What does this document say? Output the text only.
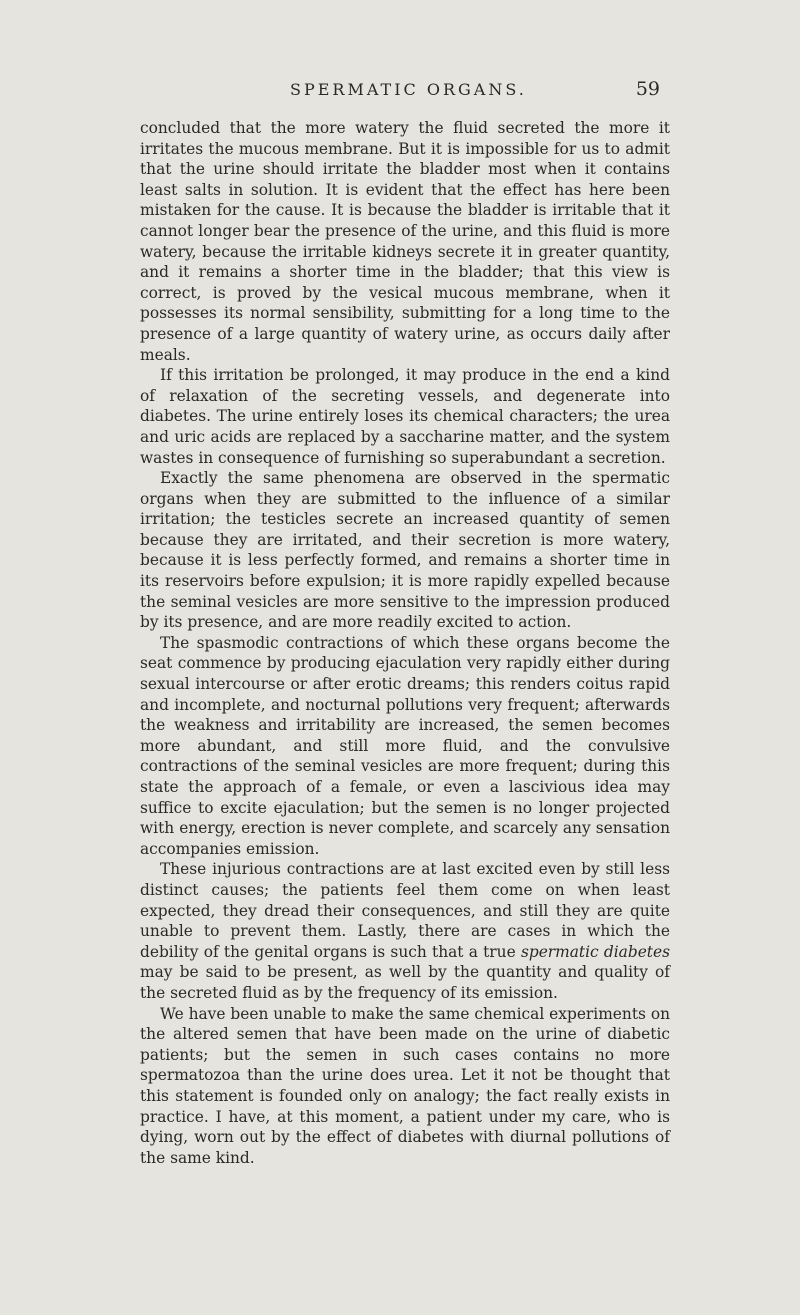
SPERMATIC ORGANS.	59

concluded that the more watery the fluid secreted the more it irritates the mucous membrane. But it is impossible for us to admit that the urine should irritate the bladder most when it contains least salts in solution. It is evident that the effect has here been mistaken for the cause. It is because the bladder is irritable that it cannot longer bear the presence of the urine, and this fluid is more watery, because the irritable kidneys secrete it in greater quantity, and it remains a shorter time in the bladder; that this view is correct, is proved by the vesical mucous membrane, when it possesses its normal sensibility, submitting for a long time to the presence of a large quantity of watery urine, as occurs daily after meals.

If this irritation be prolonged, it may produce in the end a kind of relaxation of the secreting vessels, and degenerate into diabetes. The urine entirely loses its chemical characters; the urea and uric acids are replaced by a saccharine matter, and the system wastes in consequence of furnishing so superabundant a secretion.

Exactly the same phenomena are observed in the spermatic organs when they are submitted to the influence of a similar irritation; the testicles secrete an increased quantity of semen because they are irritated, and their secretion is more watery, because it is less perfectly formed, and remains a shorter time in its reservoirs before expulsion; it is more rapidly expelled because the seminal vesicles are more sensitive to the impression produced by its presence, and are more readily excited to action.

The spasmodic contractions of which these organs become the seat commence by producing ejaculation very rapidly either during sexual intercourse or after erotic dreams; this renders coitus rapid and incomplete, and nocturnal pollutions very frequent; afterwards the weakness and irritability are increased, the semen becomes more abundant, and still more fluid, and the convulsive contractions of the seminal vesicles are more frequent; during this state the approach of a female, or even a lascivious idea may suffice to excite ejaculation; but the semen is no longer projected with energy, erection is never complete, and scarcely any sensation accompanies emission.

These injurious contractions are at last excited even by still less distinct causes; the patients feel them come on when least expected, they dread their consequences, and still they are quite unable to prevent them. Lastly, there are cases in which the debility of the genital organs is such that a true spermatic diabetes may be said to be present, as well by the quantity and quality of the secreted fluid as by the frequency of its emission.

We have been unable to make the same chemical experiments on the altered semen that have been made on the urine of diabetic patients; but the semen in such cases contains no more spermatozoa than the urine does urea. Let it not be thought that this statement is founded only on analogy; the fact really exists in practice. I have, at this moment, a patient under my care, who is dying, worn out by the effect of diabetes with diurnal pollutions of the same kind.
